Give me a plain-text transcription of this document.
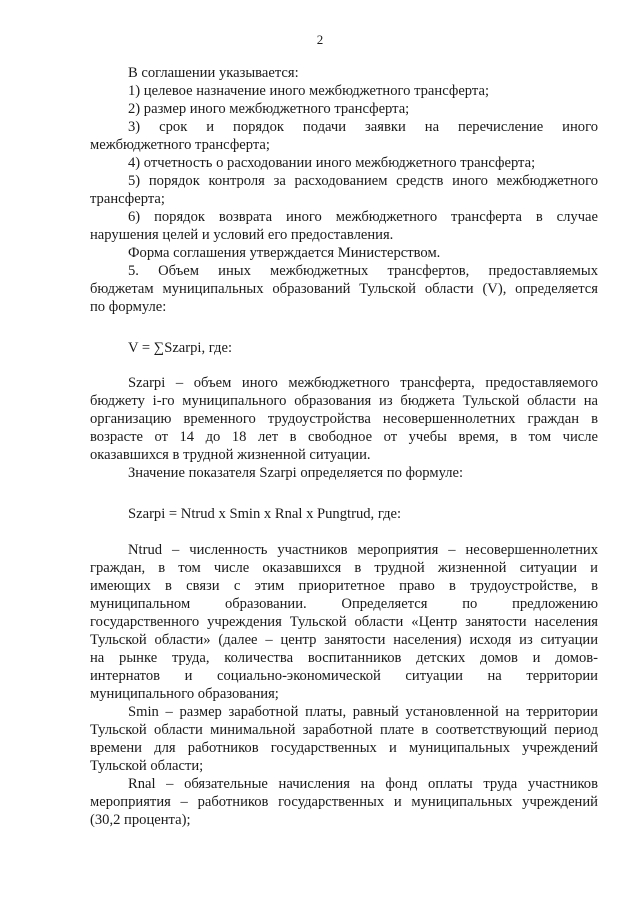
2
В соглашении указывается:
1) целевое назначение иного межбюджетного трансферта;
2) размер иного межбюджетного трансферта;
3) срок и порядок подачи заявки на перечисление иного
межбюджетного трансферта;
4) отчетность о расходовании иного межбюджетного трансферта;
5) порядок контроля за расходованием средств иного межбюджетного
трансферта;
6) порядок возврата иного межбюджетного трансферта в случае
нарушения целей и условий его предоставления.
Форма соглашения утверждается Министерством.
5. Объем иных межбюджетных трансфертов, предоставляемых
бюджетам муниципальных образований Тульской области (V), определяется
по формуле:
V = ∑Szarpi, где:
Szarpi – объем иного межбюджетного трансферта, предоставляемого
бюджету i-го муниципального образования из бюджета Тульской области на
организацию временного трудоустройства несовершеннолетних граждан в
возрасте от 14 до 18 лет в свободное от учебы время, в том числе
оказавшихся в трудной жизненной ситуации.
Значение показателя Szarpi определяется по формуле:
Szarpi = Ntrud x Smin x Rnal x Pungtrud, где:
Ntrud – численность участников мероприятия – несовершеннолетних
граждан, в том числе оказавшихся в трудной жизненной ситуации и
имеющих в связи с этим приоритетное право в трудоустройстве, в
муниципальном образовании. Определяется по предложению
государственного учреждения Тульской области «Центр занятости населения
Тульской области» (далее – центр занятости населения) исходя из ситуации
на рынке труда, количества воспитанников детских домов и домов-
интернатов и социально-экономической ситуации на территории
муниципального образования;
Smin – размер заработной платы, равный установленной на территории
Тульской области минимальной заработной плате в соответствующий период
времени для работников государственных и муниципальных учреждений
Тульской области;
Rnal – обязательные начисления на фонд оплаты труда участников
мероприятия – работников государственных и муниципальных учреждений
(30,2 процента);
